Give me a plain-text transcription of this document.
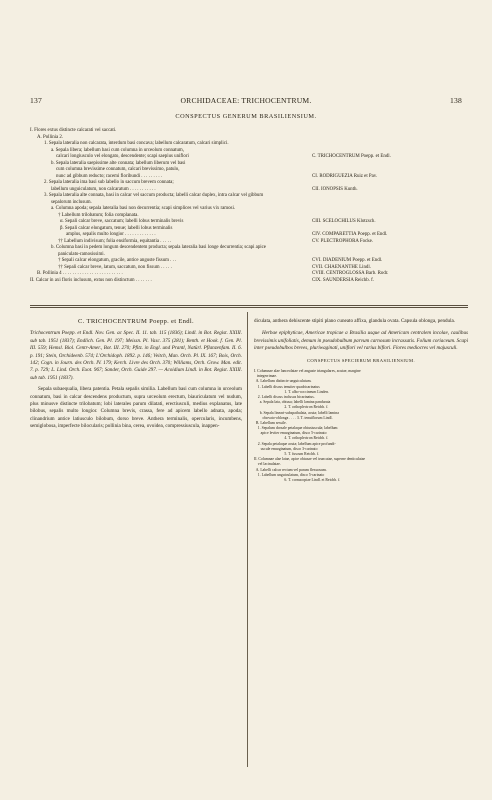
137	ORCHIDACEAE: TRICHOCENTRUM.	138
CONSPECTUS GENERUM BRASILIENSIUM.
I. Flores extus distincte calcarati vel saccati.
A. Pollinia 2.
1. Sepala lateralia non calcarata, interdum basi concava; labellum calcaratum, calcari simplici.
a. Sepala libera; labellum basi cum columna in urceolum connatum,
calcari longiusculo vel elongato, descendente; scapi saepius uniflori	C. TRICHOCENTRUM Poepp. et Endl.
b. Sepala lateralia saepissime alte connata; labellum liberum vel basi
cum columna brevissime connatum, calcari brevissimo, patulo,
nunc ad gibbum reducto; racemi floribundi . . . . . . . . .	CI. RODRIGUEZIA Ruiz et Pav.
2. Sepala lateralia ima basi sub labello in saccum brevem connata;
labellum unguiculatum, non calcaratum . . . . . . . . . . .	CII. IONOPSIS Kunth.
3. Sepala lateralia alte connata, basi in calcar vel saccum producta; labelli calcar duplex, intra calcar vel gibbum
sepalorum inclusum.
a. Columna apoda; sepala lateralia basi non decurrentia; scapi simplices vel varius vix ramosi.
† Labellum trilobatum; folia complanata.
α. Sepali calcar breve, saccatum; labelli lobus terminalis brevis	CIII. SCELOCHILUS Klotzsch.
β. Sepali calcar elongatum, tenue; labelli lobus terminalis
amplus, sepalis multo longior . . . . . . . . . . . . .	CIV. COMPARETTIA Poepp. et Endl.
†† Labellum indivisum; folia ensiformia, equitantia . . . . .	CV. PLECTROPHORA Focke.
b. Columna basi in pedem longum descendentem producta; sepala lateralia basi longe decurrentia; scapi apice
paniculato-ramosissimi.
† Sepali calcar elongatum, gracile, antice anguste fissum . . .	CVI. DIADENIUM Poepp. et Endl.
†† Sepali calcar breve, latum, saccatum, non fissum . . . . .	CVII. CHAENANTHE Lindl.
B. Pollinia 4 . . . . . . . . . . . . . . . . . . . . . . . . .	CVIII. CENTROGLOSSA Barb. Rodr.
II. Calcar in axi floris inclusum, extus non distinctum . . . . . . .	CIX. SAUNDERSIA Reichb. f.
C. TRICHOCENTRUM Poepp. et Endl.
Trichocentrum Poepp. et Endl. Nov. Gen. ac Spec. II. 11. tab. 115 (1836); Lindl. in Bot. Regist. XXIII. sub tab. 1951 (1837); Endlich. Gen. Pl. 197; Meissn. Pl. Vasc. 375 (281); Benth. et Hook. f. Gen. Pl. III. 559; Hemsl. Biol. Centr-Amer., Bot. III. 270; Pfitz. in Engl. und Prantl, Natürl. Pflanzenfam. II. 6. p. 191; Stein, Orchideenb. 574; L'Orchidoph. 1892. p. 146; Veitch, Man. Orch. Pl. IX. 167; Bois, Orch. 142; Cogn. in Journ. des Orch. IV. 179; Kerch. Livre des Orch. 370; Williams, Orch. Grow. Man. edit. 7. p. 729; L. Lind. Orch. Exot. 967; Sander, Orch. Guide 297. — Acoidium Lindl. in Bot. Regist. XXIII. sub tab. 1951 (1837).

Sepala subaequalia, libera patentia. Petala sepalis similia. Labellum basi cum columna in urceolum connatum, basi in calcar descendens productum, supra urceolum erectum, biauriculatum vel nudum, plus minusve distincte trilobatum; lobi laterales parum dilatati, erectiusculi, medius explanatus, late bilobus, sepalis multo longior. Columna brevis, crassa, fere ad apicem labello adnata, apoda; clinandrium antice latiusculo bilobum, dorso breve. Anthera terminalis, opercularis, incumbens, semiglobosa, imperfecte bilocularis; pollinia bina, cerea, ovoidea, compressiuscula, inappen-

diculata, anthera dehiscente stipiti plano cuneato affixa, glandula ovata. Capsula oblonga, pendula.

Herbae epiphyticae, Americae tropicae a Brasilia usque ad Americam centralem incolae, caulibus brevissimis unifoliatis, demum in pseudobulbum parvum carnosum incrassatis. Folium coriaceum. Scapi inter pseudobulbos breves, pluriwaginati, uniflori vel rarius biflori. Flores mediocres vel majusculi.

CONSPECTUS SPECIERUM BRASILIENSIUM.
I. Columnae alae lanceolatae vel anguste triangulares, acutae, margine
integerrimae.
A. Labellum distincte unguiculatum.
1. Labelli discus tenuiter quadricarinatus
1. T. albo-coccineum Linden.
2. Labelli discus inclusus bicarinatus.
a. Sepala lata, obtusa; labelli lamina pandurata
2. T. orthoplectron Reichb. f.
b. Sepala lineari-subspathulata, acuta; labelli lamina
obovato-oblonga . . . . 3. T. tenuiflorum Lindl.
B. Labellum sessile.
1. Sepalum dorsale petalaque obtusiuscula; labellum
apice leviter emarginatum, disco 5-carinato
4. T. orthoplectron Reichb. f.
2. Sepala petalaque acuta; labellum apice profundi-
uscule emarginatum, disco 3-carinato
5. T. fuscum Reichb. f.
II. Columnae alae latae, apice obtusae vel truncatae, superne denticulatae
vel lacinulatae.
A. Labelli calcar rectum vel parum flexuosum.
1. Labellum unguiculatum, disco 5-carinato
6. T. cornucopiae Lindl. et Reichb. f.
